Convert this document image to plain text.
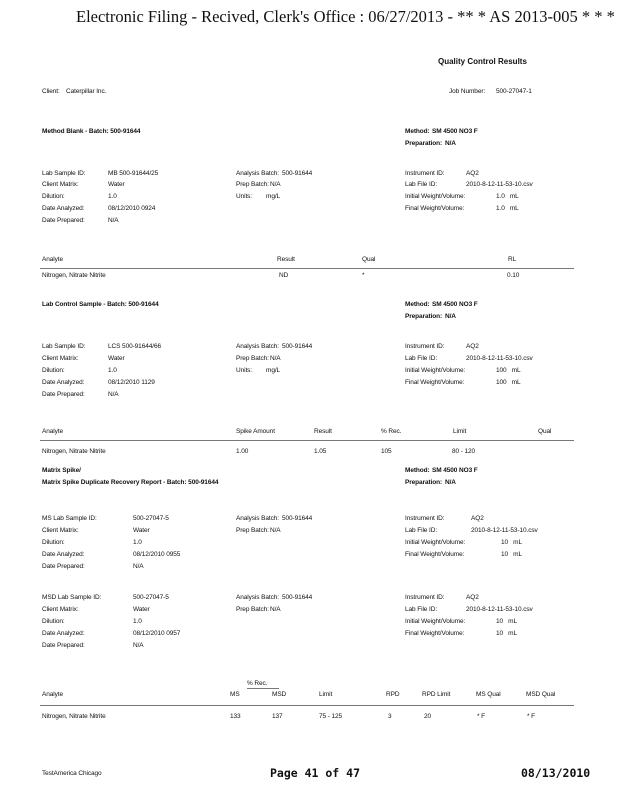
Electronic Filing - Recived, Clerk's Office : 06/27/2013 - ** * AS 2013-005 * * *
Quality Control Results
Client: Caterpillar Inc.	Job Number: 500-27047-1
Method Blank - Batch: 500-91644	Method: SM 4500 NO3 F
Preparation: N/A
Lab Sample ID:	MB 500-91644/25
Client Matrix:	Water
Dilution:	1.0
Date Analyzed:	08/12/2010 0924
Date Prepared:	N/A
Analysis Batch: 500-91644
Prep Batch: N/A
Units: mg/L
Instrument ID:	AQ2
Lab File ID:	2010-8-12-11-53-10.csv
Initial Weight/Volume:	1.0   mL
Final Weight/Volume:	1.0   mL
Analyte	Result	Qual	RL
Nitrogen, Nitrate Nitrite	ND	*	0.10
Lab Control Sample - Batch: 500-91644	Method: SM 4500 NO3 F
Preparation: N/A
Lab Sample ID:	LCS 500-91644/66
Client Matrix:	Water
Dilution:	1.0
Date Analyzed:	08/12/2010 1129
Date Prepared:	N/A
Analysis Batch: 500-91644
Prep Batch: N/A
Units: mg/L
Instrument ID:	AQ2
Lab File ID:	2010-8-12-11-53-10.csv
Initial Weight/Volume:	100   mL
Final Weight/Volume:	100   mL
Analyte	Spike Amount	Result	% Rec.	Limit	Qual
Nitrogen, Nitrate Nitrite	1.00	1.05	105	80 - 120
Matrix Spike/
Matrix Spike Duplicate Recovery Report - Batch: 500-91644
Method: SM 4500 NO3 F
Preparation: N/A
MS Lab Sample ID:	500-27047-5
Client Matrix:	Water
Dilution:	1.0
Date Analyzed:	08/12/2010 0955
Date Prepared:	N/A
Analysis Batch: 500-91644
Prep Batch: N/A
Instrument ID:	AQ2
Lab File ID:	2010-8-12-11-53-10.csv
Initial Weight/Volume:	10   mL
Final Weight/Volume:	10   mL
MSD Lab Sample ID:	500-27047-5
Client Matrix:	Water
Dilution:	1.0
Date Analyzed:	08/12/2010 0957
Date Prepared:	N/A
Analysis Batch: 500-91644
Prep Batch: N/A
Instrument ID:	AQ2
Lab File ID:	2010-8-12-11-53-10.csv
Initial Weight/Volume:	10   mL
Final Weight/Volume:	10   mL
% Rec.
Analyte	MS	MSD	Limit	RPD	RPD Limit	MS Qual	MSD Qual
Nitrogen, Nitrate Nitrite	133	137	75 - 125	3	20	* F	* F
TestAmerica Chicago	Page 41 of 47	08/13/2010
